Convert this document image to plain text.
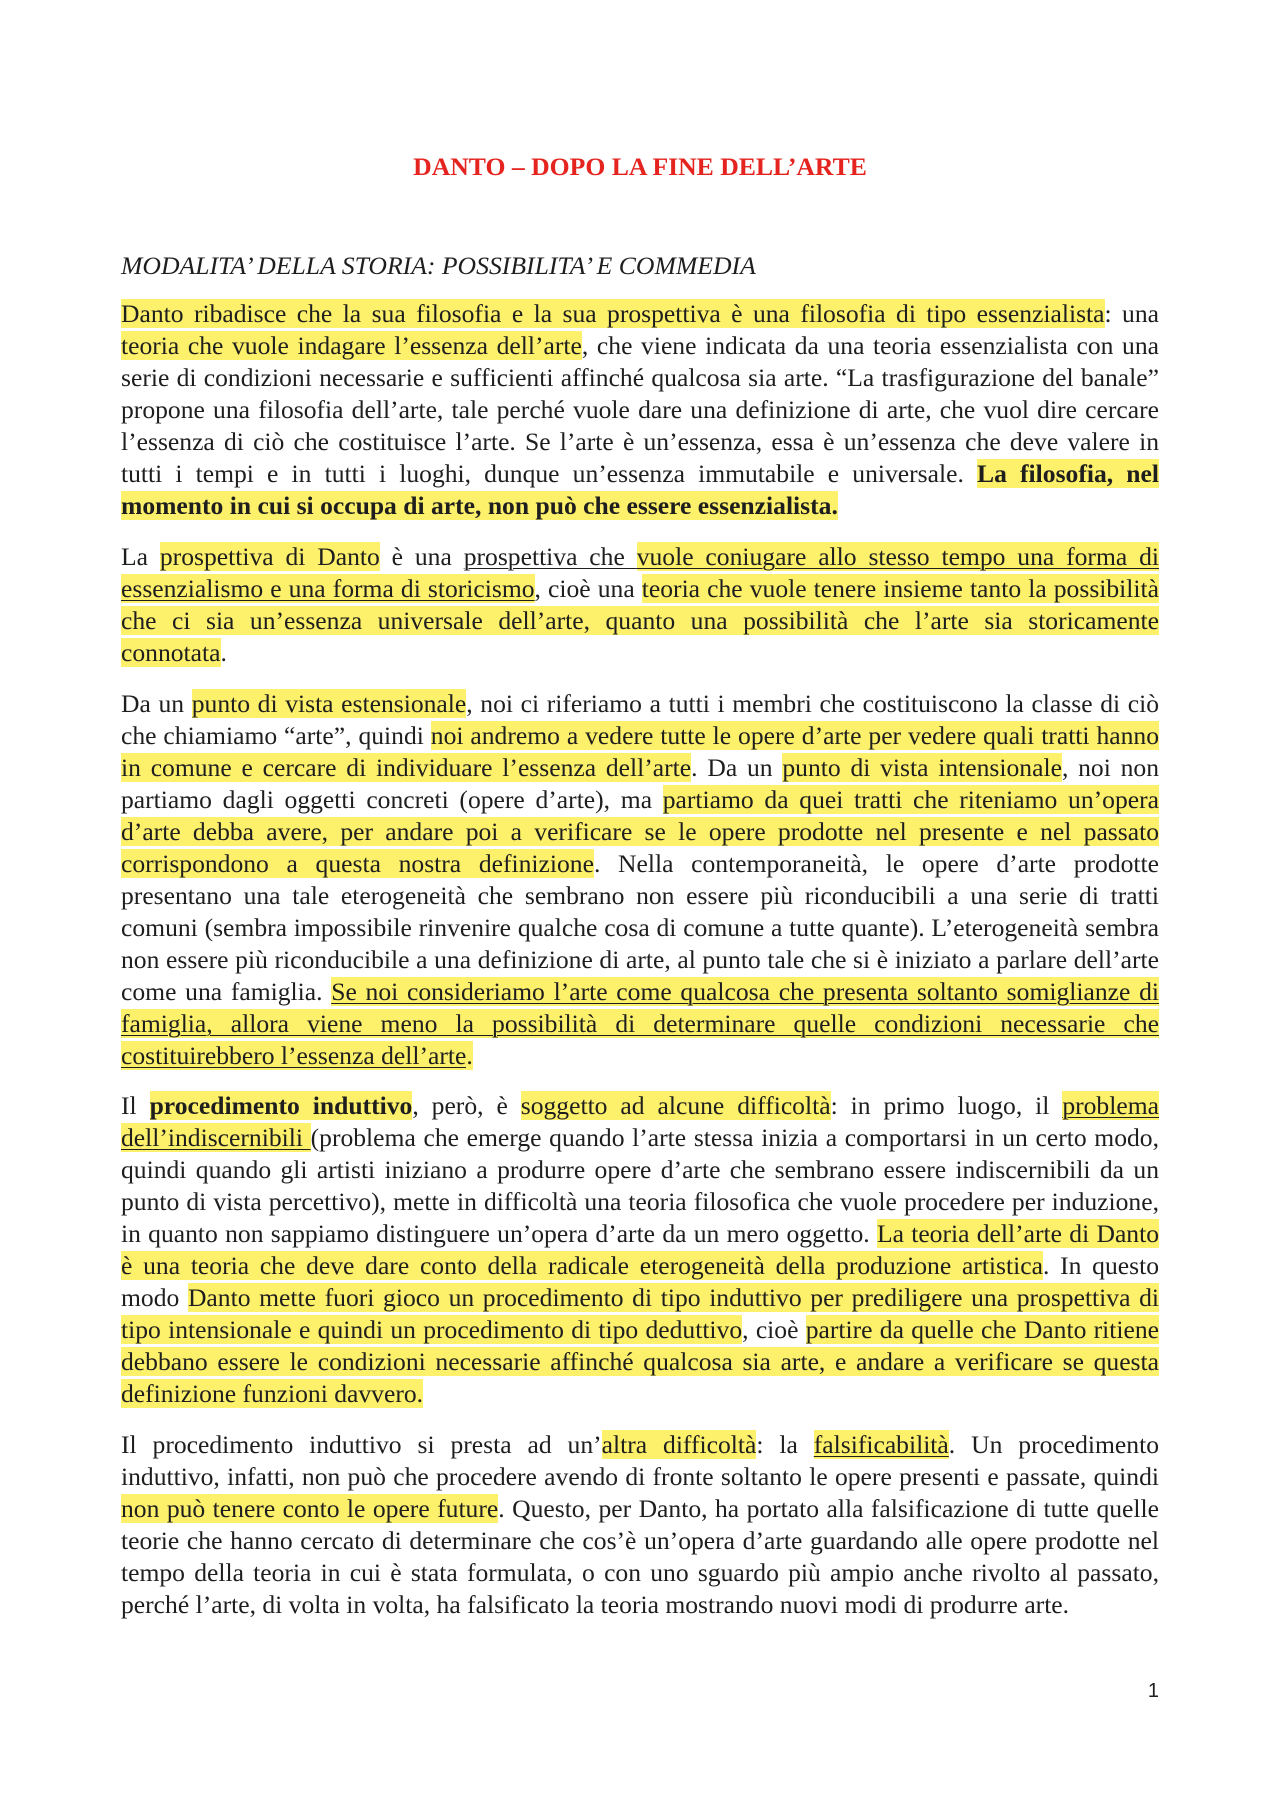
DANTO – DOPO LA FINE DELL’ARTE
MODALITA’ DELLA STORIA: POSSIBILITA’ E COMMEDIA

Danto ribadisce che la sua filosofia e la sua prospettiva è una filosofia di tipo essenzialista: una teoria che vuole indagare l’essenza dell’arte, che viene indicata da una teoria essenzialista con una serie di condizioni necessarie e sufficienti affinché qualcosa sia arte. “La trasfigurazione del banale” propone una filosofia dell’arte, tale perché vuole dare una definizione di arte, che vuol dire cercare l’essenza di ciò che costituisce l’arte. Se l’arte è un’essenza, essa è un’essenza che deve valere in tutti i tempi e in tutti i luoghi, dunque un’essenza immutabile e universale. La filosofia, nel momento in cui si occupa di arte, non può che essere essenzialista.

La prospettiva di Danto è una prospettiva che vuole coniugare allo stesso tempo una forma di essenzialismo e una forma di storicismo, cioè una teoria che vuole tenere insieme tanto la possibilità che ci sia un’essenza universale dell’arte, quanto una possibilità che l’arte sia storicamente connotata.

Da un punto di vista estensionale, noi ci riferiamo a tutti i membri che costituiscono la classe di ciò che chiamiamo “arte”, quindi noi andremo a vedere tutte le opere d’arte per vedere quali tratti hanno in comune e cercare di individuare l’essenza dell’arte. Da un punto di vista intensionale, noi non partiamo dagli oggetti concreti (opere d’arte), ma partiamo da quei tratti che riteniamo un’opera d’arte debba avere, per andare poi a verificare se le opere prodotte nel presente e nel passato corrispondono a questa nostra definizione. Nella contemporaneità, le opere d’arte prodotte presentano una tale eterogeneità che sembrano non essere più riconducibili a una serie di tratti comuni (sembra impossibile rinvenire qualche cosa di comune a tutte quante). L’eterogeneità sembra non essere più riconducibile a una definizione di arte, al punto tale che si è iniziato a parlare dell’arte come una famiglia. Se noi consideriamo l’arte come qualcosa che presenta soltanto somiglianze di famiglia, allora viene meno la possibilità di determinare quelle condizioni necessarie che costituirebbero l’essenza dell’arte.

Il procedimento induttivo, però, è soggetto ad alcune difficoltà: in primo luogo, il problema dell’indiscernibili (problema che emerge quando l’arte stessa inizia a comportarsi in un certo modo, quindi quando gli artisti iniziano a produrre opere d’arte che sembrano essere indiscernibili da un punto di vista percettivo), mette in difficoltà una teoria filosofica che vuole procedere per induzione, in quanto non sappiamo distinguere un’opera d’arte da un mero oggetto. La teoria dell’arte di Danto è una teoria che deve dare conto della radicale eterogeneità della produzione artistica. In questo modo Danto mette fuori gioco un procedimento di tipo induttivo per prediligere una prospettiva di tipo intensionale e quindi un procedimento di tipo deduttivo, cioè partire da quelle che Danto ritiene debbano essere le condizioni necessarie affinché qualcosa sia arte, e andare a verificare se questa definizione funzioni davvero.

Il procedimento induttivo si presta ad un’altra difficoltà: la falsificabilità. Un procedimento induttivo, infatti, non può che procedere avendo di fronte soltanto le opere presenti e passate, quindi non può tenere conto le opere future. Questo, per Danto, ha portato alla falsificazione di tutte quelle teorie che hanno cercato di determinare che cos’è un’opera d’arte guardando alle opere prodotte nel tempo della teoria in cui è stata formulata, o con uno sguardo più ampio anche rivolto al passato, perché l’arte, di volta in volta, ha falsificato la teoria mostrando nuovi modi di produrre arte.

1
